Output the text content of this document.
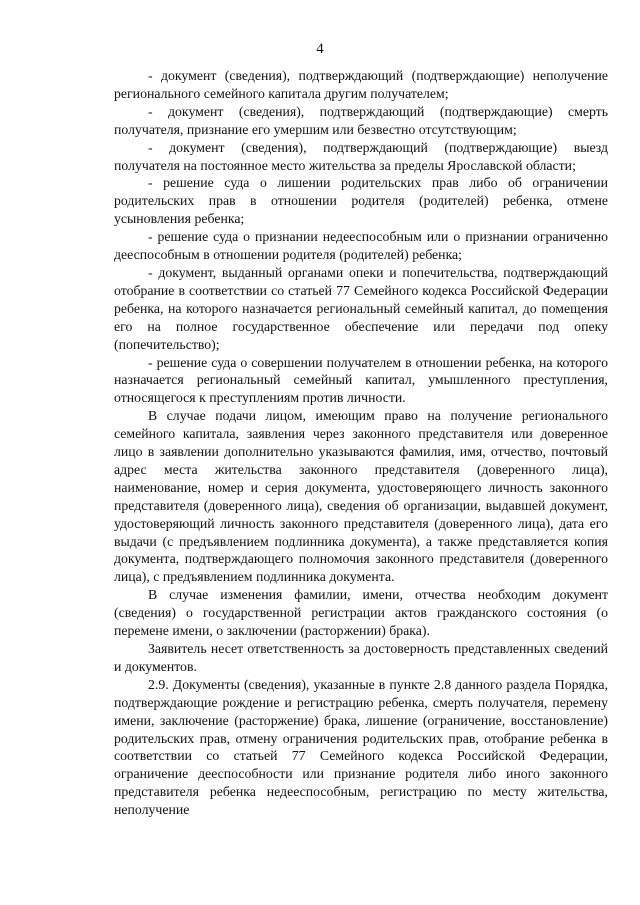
4

- документ (сведения), подтверждающий (подтверждающие) неполучение регионального семейного капитала другим получателем;

- документ (сведения), подтверждающий (подтверждающие) смерть получателя, признание его умершим или безвестно отсутствующим;

- документ (сведения), подтверждающий (подтверждающие) выезд получателя на постоянное место жительства за пределы Ярославской области;

- решение суда о лишении родительских прав либо об ограничении родительских прав в отношении родителя (родителей) ребенка, отмене усыновления ребенка;

- решение суда о признании недееспособным или о признании ограниченно дееспособным в отношении родителя (родителей) ребенка;

- документ, выданный органами опеки и попечительства, подтверждающий отобрание в соответствии со статьей 77 Семейного кодекса Российской Федерации ребенка, на которого назначается региональный семейный капитал, до помещения его на полное государственное обеспечение или передачи под опеку (попечительство);

- решение суда о совершении получателем в отношении ребенка, на которого назначается региональный семейный капитал, умышленного преступления, относящегося к преступлениям против личности.

В случае подачи лицом, имеющим право на получение регионального семейного капитала, заявления через законного представителя или доверенное лицо в заявлении дополнительно указываются фамилия, имя, отчество, почтовый адрес места жительства законного представителя (доверенного лица), наименование, номер и серия документа, удостоверяющего личность законного представителя (доверенного лица), сведения об организации, выдавшей документ, удостоверяющий личность законного представителя (доверенного лица), дата его выдачи (с предъявлением подлинника документа), а также представляется копия документа, подтверждающего полномочия законного представителя (доверенного лица), с предъявлением подлинника документа.

В случае изменения фамилии, имени, отчества необходим документ (сведения) о государственной регистрации актов гражданского состояния (о перемене имени, о заключении (расторжении) брака).

Заявитель несет ответственность за достоверность представленных сведений и документов.

2.9. Документы (сведения), указанные в пункте 2.8 данного раздела Порядка, подтверждающие рождение и регистрацию ребенка, смерть получателя, перемену имени, заключение (расторжение) брака, лишение (ограничение, восстановление) родительских прав, отмену ограничения родительских прав, отобрание ребенка в соответствии со статьей 77 Семейного кодекса Российской Федерации, ограничение дееспособности или признание родителя либо иного законного представителя ребенка недееспособным, регистрацию по месту жительства, неполучение
